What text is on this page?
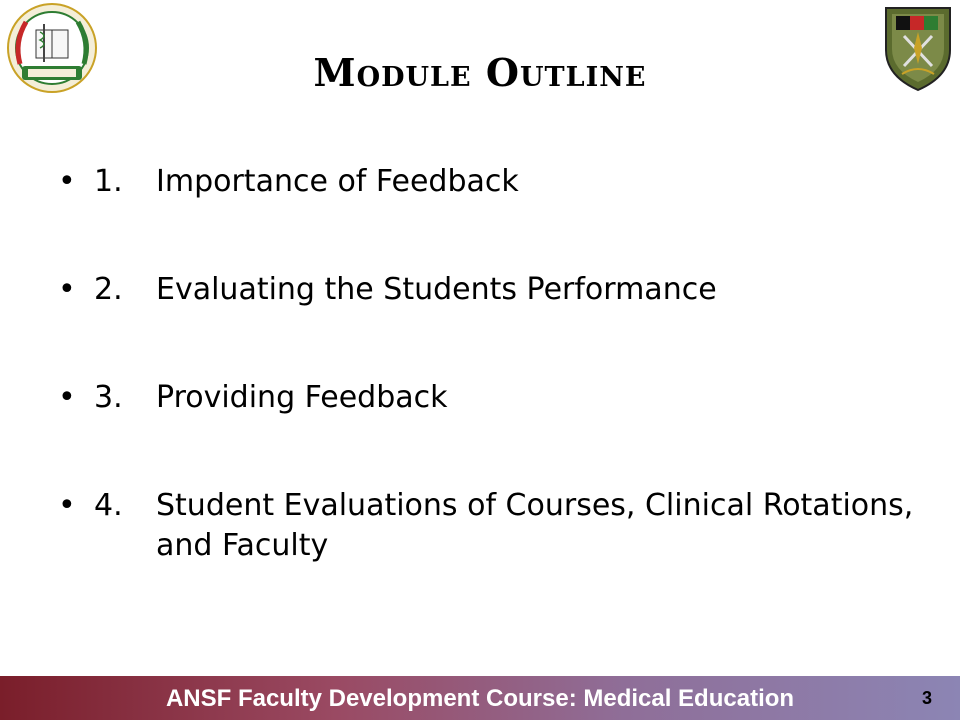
Module Outline
• 1.	Importance of Feedback
• 2.	Evaluating the Students Performance
• 3.	Providing Feedback
• 4.	Student Evaluations of Courses, Clinical Rotations, and Faculty
ANSF Faculty Development Course: Medical Education	3
